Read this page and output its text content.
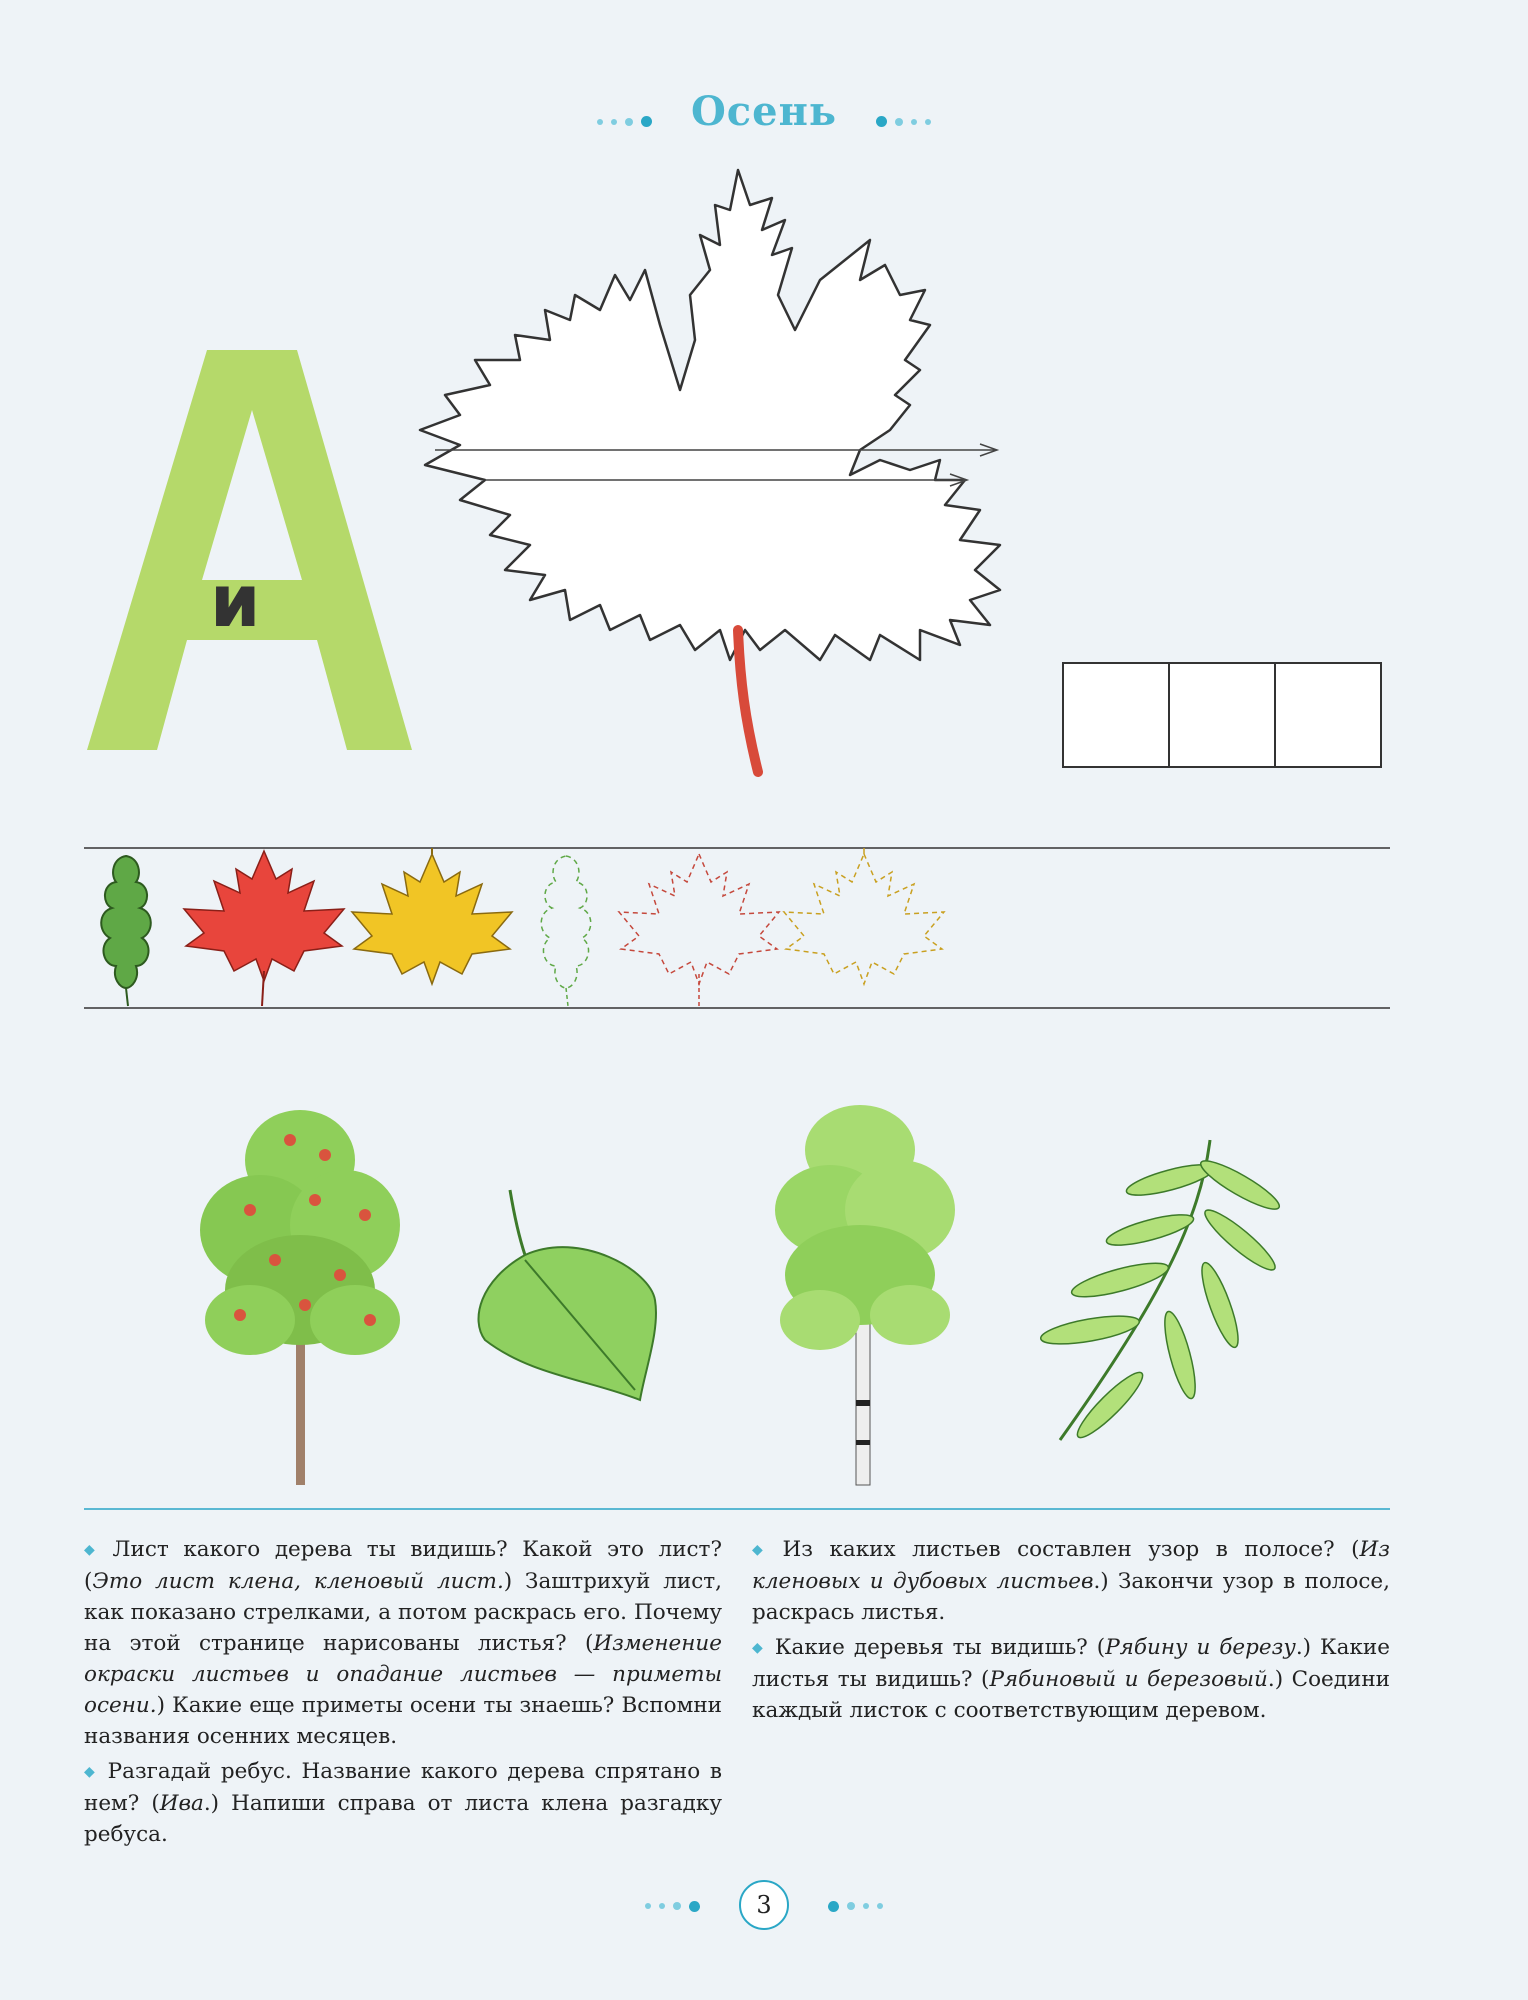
Осень
и

◆ Лист какого дерева ты видишь? Какой это лист? (Это лист клена, кленовый лист.) Заштрихуй лист, как показано стрелками, а потом раскрась его. Почему на этой странице нарисованы листья? (Изменение окраски листьев и опадание листьев — приметы осени.) Какие еще приметы осени ты знаешь? Вспомни названия осенних месяцев.

◆ Разгадай ребус. Название какого дерева спрятано в нем? (Ива.) Напиши справа от листа клена разгадку ребуса.

◆ Из каких листьев составлен узор в полосе? (Из кленовых и дубовых листьев.) Закончи узор в полосе, раскрась листья.

◆ Какие деревья ты видишь? (Рябину и березу.) Какие листья ты видишь? (Рябиновый и березовый.) Соедини каждый листок с соответствующим деревом.

3
